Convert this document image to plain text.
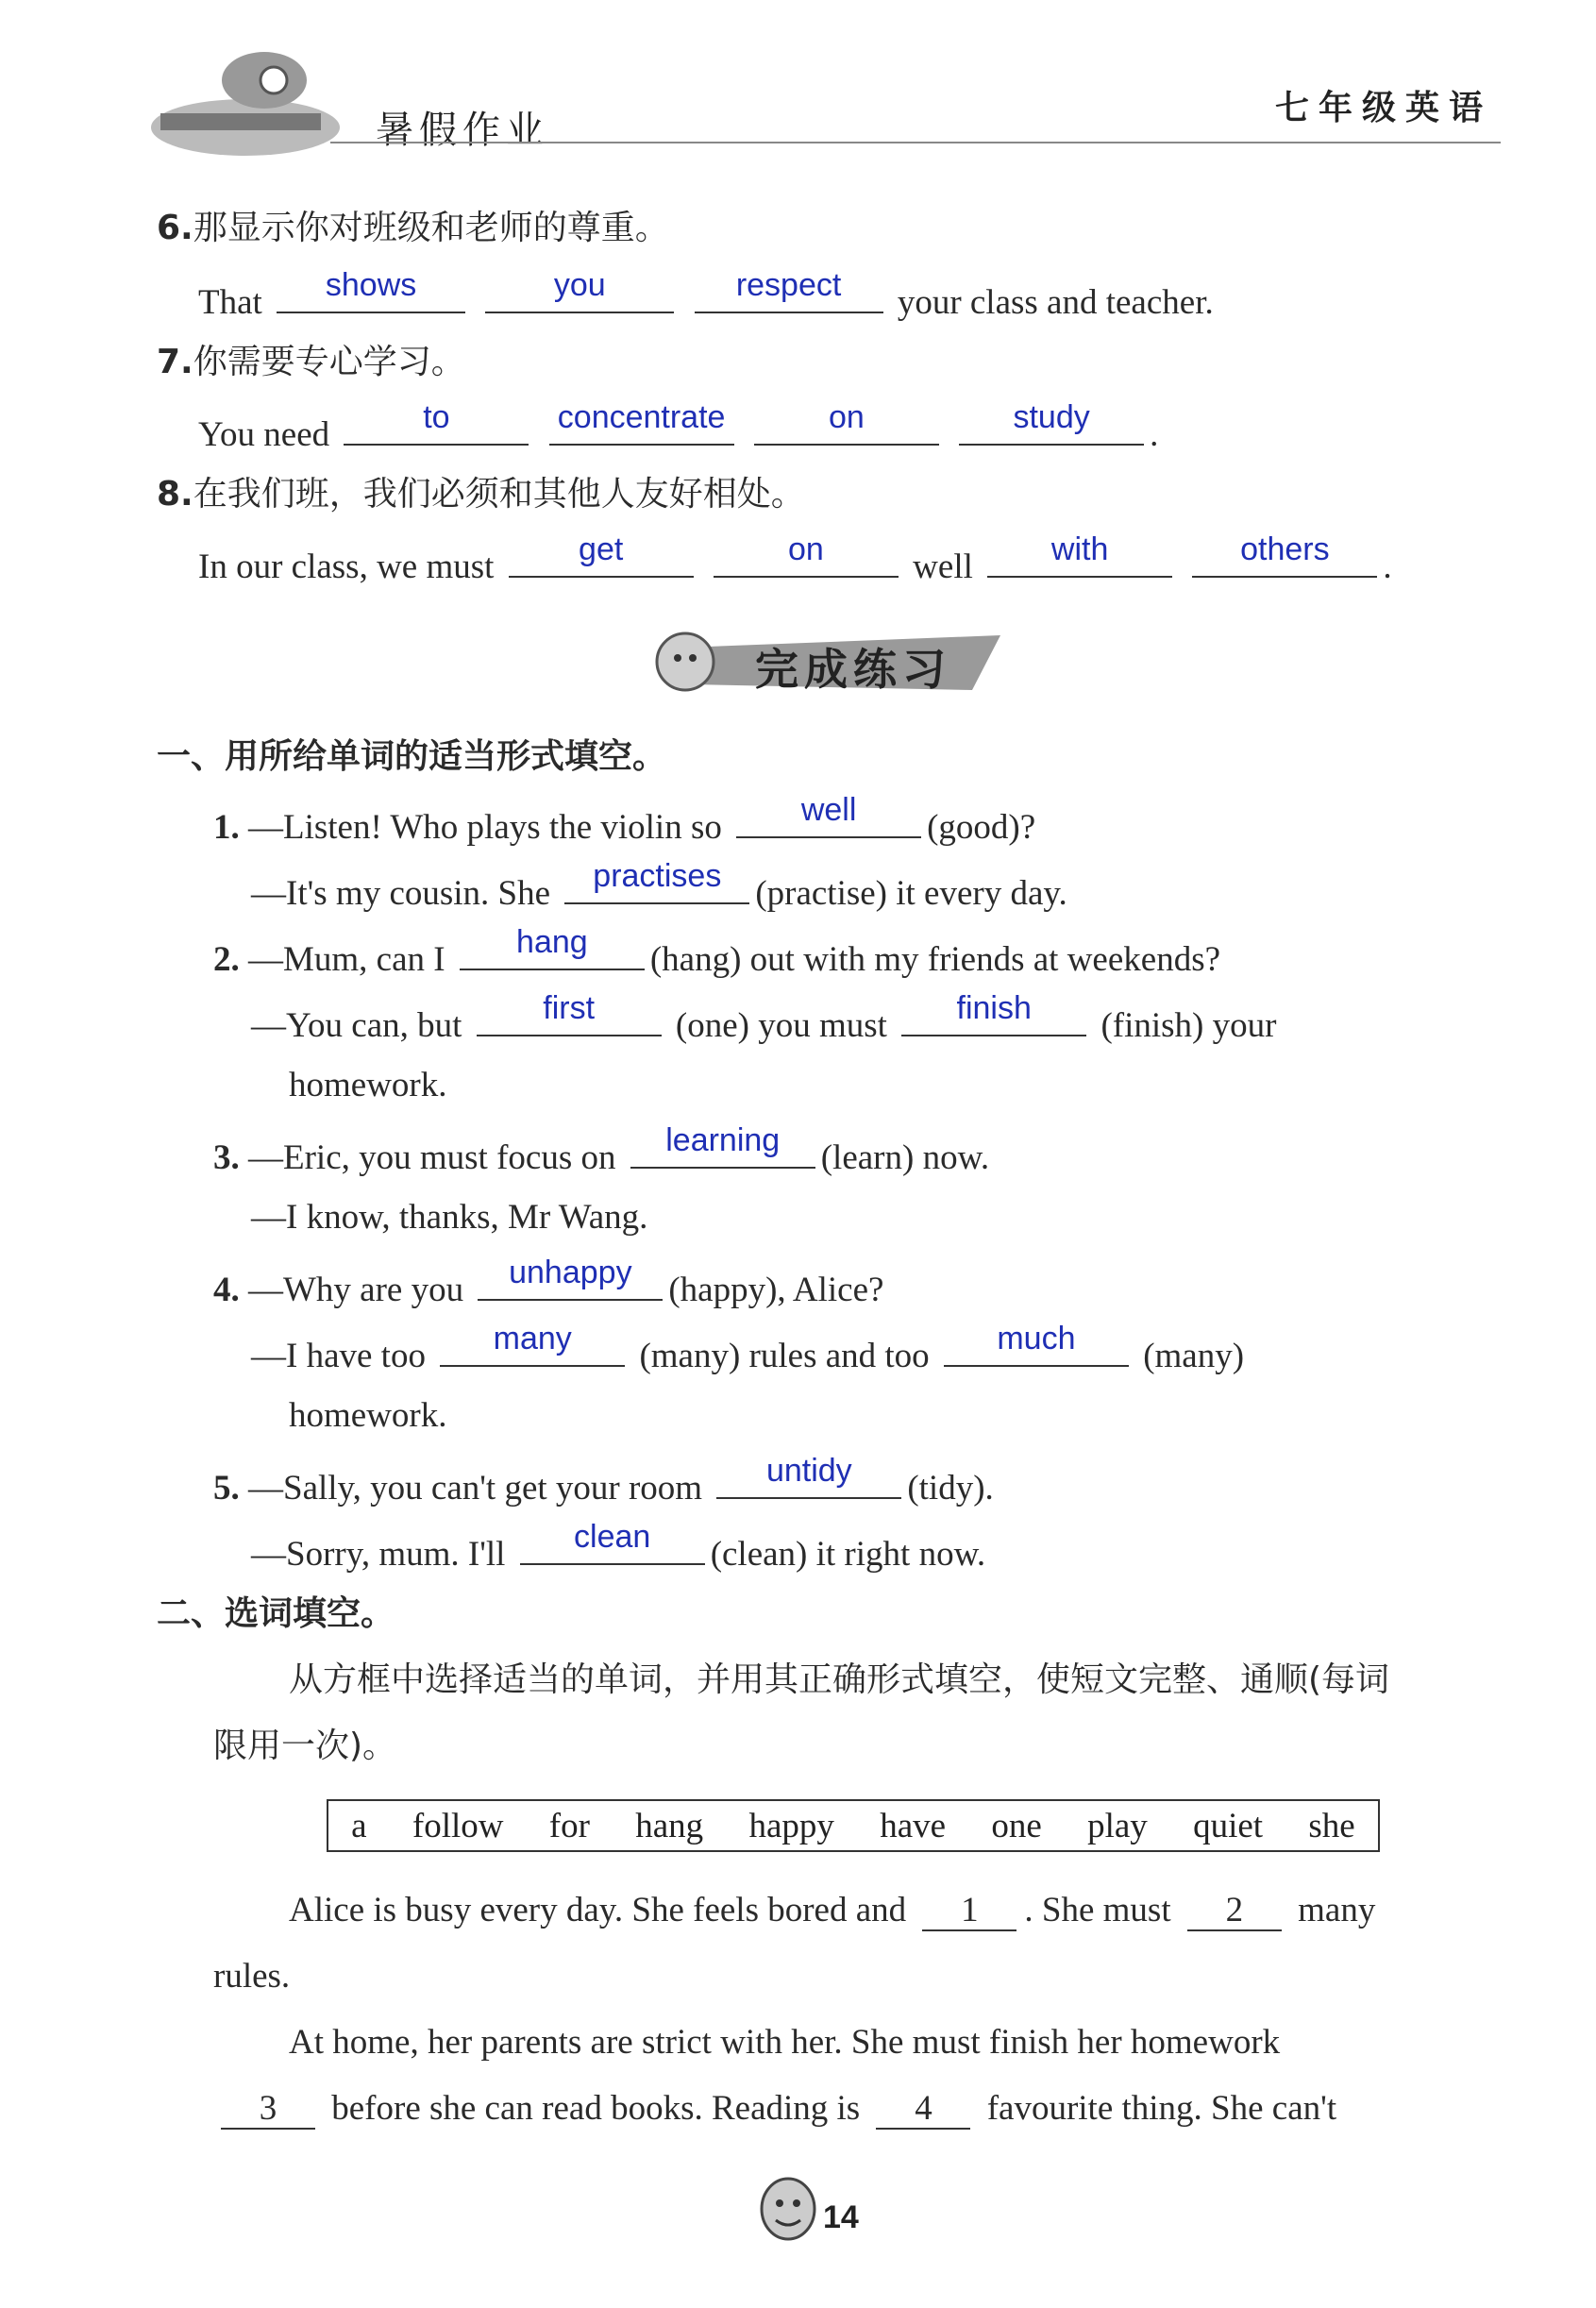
暑假作业
七年级英语
6.那显示你对班级和老师的尊重。
That	shows
	you
	respect	your class and teacher.
7.你需要专心学习。
You need	to
	concentrate
	on
	study	.
8.在我们班，我们必须和其他人友好相处。
In our class, we must	get
	on	well	with
	others	.
完成练习
一、用所给单词的适当形式填空。
1. —Listen! Who plays the violin so	well	(good)?
—It's my cousin. She	practises (practise) it every day.
2. —Mum, can I	hang	(hang) out with my friends at weekends?
—You can, but	first	(one) you must	finish	(finish) your
homework.
3. —Eric, you must focus on	learning	(learn) now.
—I know, thanks, Mr Wang.
4. —Why are you	unhappy	(happy), Alice?
—I have too	many	(many) rules and too	much	(many)
homework.
5. —Sally, you can't get your room	untidy	(tidy).
—Sorry, mum. I'll	clean	(clean) it right now.
二、选词填空。
从方框中选择适当的单词，并用其正确形式填空，使短文完整、通顺(每词
限用一次)。
a follow for hang happy have one play quiet she
Alice is busy every day. She feels bored and 1 . She must 2 many
rules.
At home, her parents are strict with her. She must finish her homework
3 before she can read books. Reading is 4 favourite thing. She can't
14
